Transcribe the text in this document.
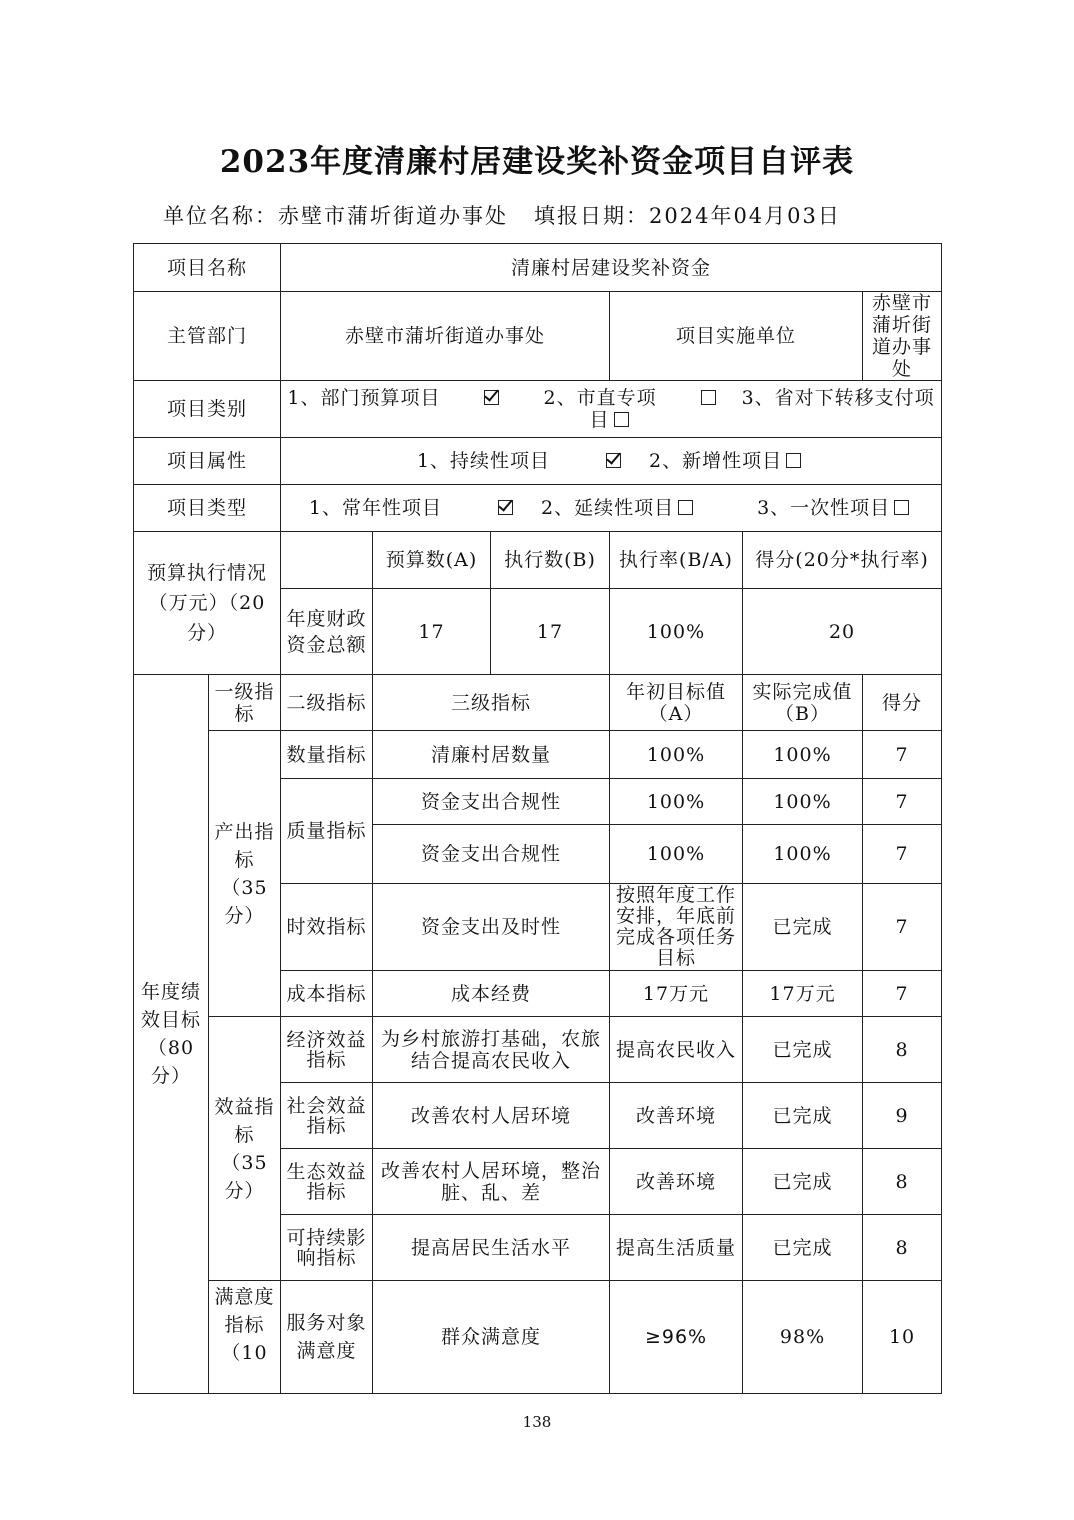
2023年度清廉村居建设奖补资金项目自评表
单位名称：赤壁市蒲圻街道办事处 填报日期：2024年04月03日
项目名称		清廉村居建设奖补资金					
主管部门		赤壁市蒲圻街道办事处			项目实施单位		赤壁市蒲圻街道办事处
项目类别		1、部门预算项目 2、市直专项 3、省对下转移支付项目					
项目属性		1、持续性项目 2、新增性项目					
项目类型		1、常年性项目 2、延续性项目 3、一次性项目					
预算执行情况（万元）（20分）			预算数(A)	执行数(B)	执行率(B/A)	得分(20分*执行率)	
		年度财政资金总额	17	17	100%	20	
年度绩效目标（80分）	一级指标	二级指标	三级指标		年初目标值（A）	实际完成值（B）	得分
	产出指标（35分）	数量指标	清廉村居数量		100%	100%	7
		质量指标	资金支出合规性		100%	100%	7
			资金支出合规性		100%	100%	7
		时效指标	资金支出及时性		按照年度工作安排，年底前完成各项任务目标	已完成	7
		成本指标	成本经费		17万元	17万元	7
	效益指标（35分）	经济效益指标	为乡村旅游打基础，农旅结合提高农民收入		提高农民收入	已完成	8
		社会效益指标	改善农村人居环境		改善环境	已完成	9
		生态效益指标	改善农村人居环境，整治脏、乱、差		改善环境	已完成	8
		可持续影响指标	提高居民生活水平		提高生活质量	已完成	8
	满意度指标（10	服务对象满意度	群众满意度		≥96%	98%	10
138
